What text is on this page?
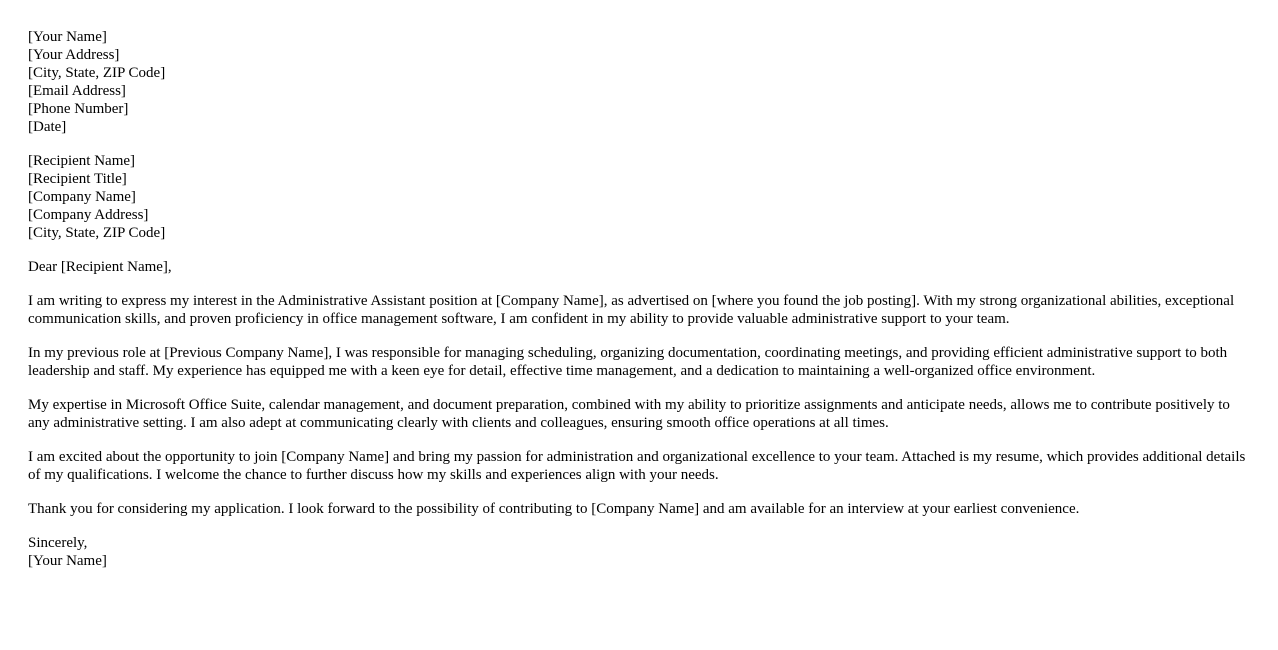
[Your Name]
[Your Address]
[City, State, ZIP Code]
[Email Address]
[Phone Number]
[Date]
[Recipient Name]
[Recipient Title]
[Company Name]
[Company Address]
[City, State, ZIP Code]

Dear [Recipient Name],

I am writing to express my interest in the Administrative Assistant position at [Company Name], as advertised on [where you found the job posting]. With my strong organizational abilities, exceptional communication skills, and proven proficiency in office management software, I am confident in my ability to provide valuable administrative support to your team.

In my previous role at [Previous Company Name], I was responsible for managing scheduling, organizing documentation, coordinating meetings, and providing efficient administrative support to both leadership and staff. My experience has equipped me with a keen eye for detail, effective time management, and a dedication to maintaining a well-organized office environment.

My expertise in Microsoft Office Suite, calendar management, and document preparation, combined with my ability to prioritize assignments and anticipate needs, allows me to contribute positively to any administrative setting. I am also adept at communicating clearly with clients and colleagues, ensuring smooth office operations at all times.

I am excited about the opportunity to join [Company Name] and bring my passion for administration and organizational excellence to your team. Attached is my resume, which provides additional details of my qualifications. I welcome the chance to further discuss how my skills and experiences align with your needs.

Thank you for considering my application. I look forward to the possibility of contributing to [Company Name] and am available for an interview at your earliest convenience.

Sincerely,
[Your Name]
